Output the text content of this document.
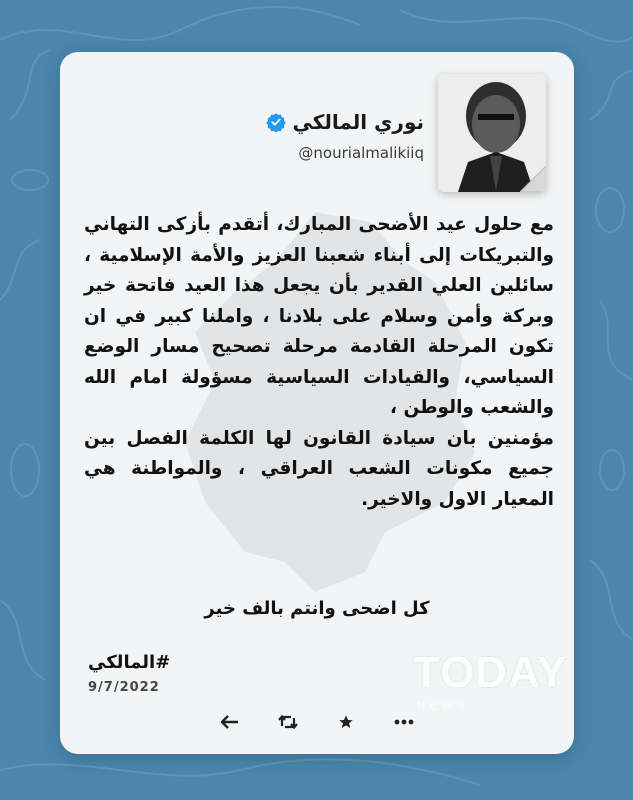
نوري المالكي
@nourialmalikiiq

مع حلول عيد الأضحى المبارك، أتقدم بأزكى التهاني والتبريكات إلى أبناء شعبنا العزيز والأمة الإسلامية ، سائلين العلي القدير بأن يجعل هذا العيد فاتحة خير وبركة وأمن وسلام على بلادنا ، واملنا كبير في ان تكون المرحلة القادمة مرحلة تصحيح مسار الوضع السياسي، والقيادات السياسية مسؤولة امام الله والشعب والوطن ،

مؤمنين بان سيادة القانون لها الكلمة الفصل بين جميع مكونات الشعب العراقي ، والمواطنة هي المعيار الاول والاخير.

كل اضحى وانتم بالف خير
#المالكي
9/7/2022	TODAY
NEWS
